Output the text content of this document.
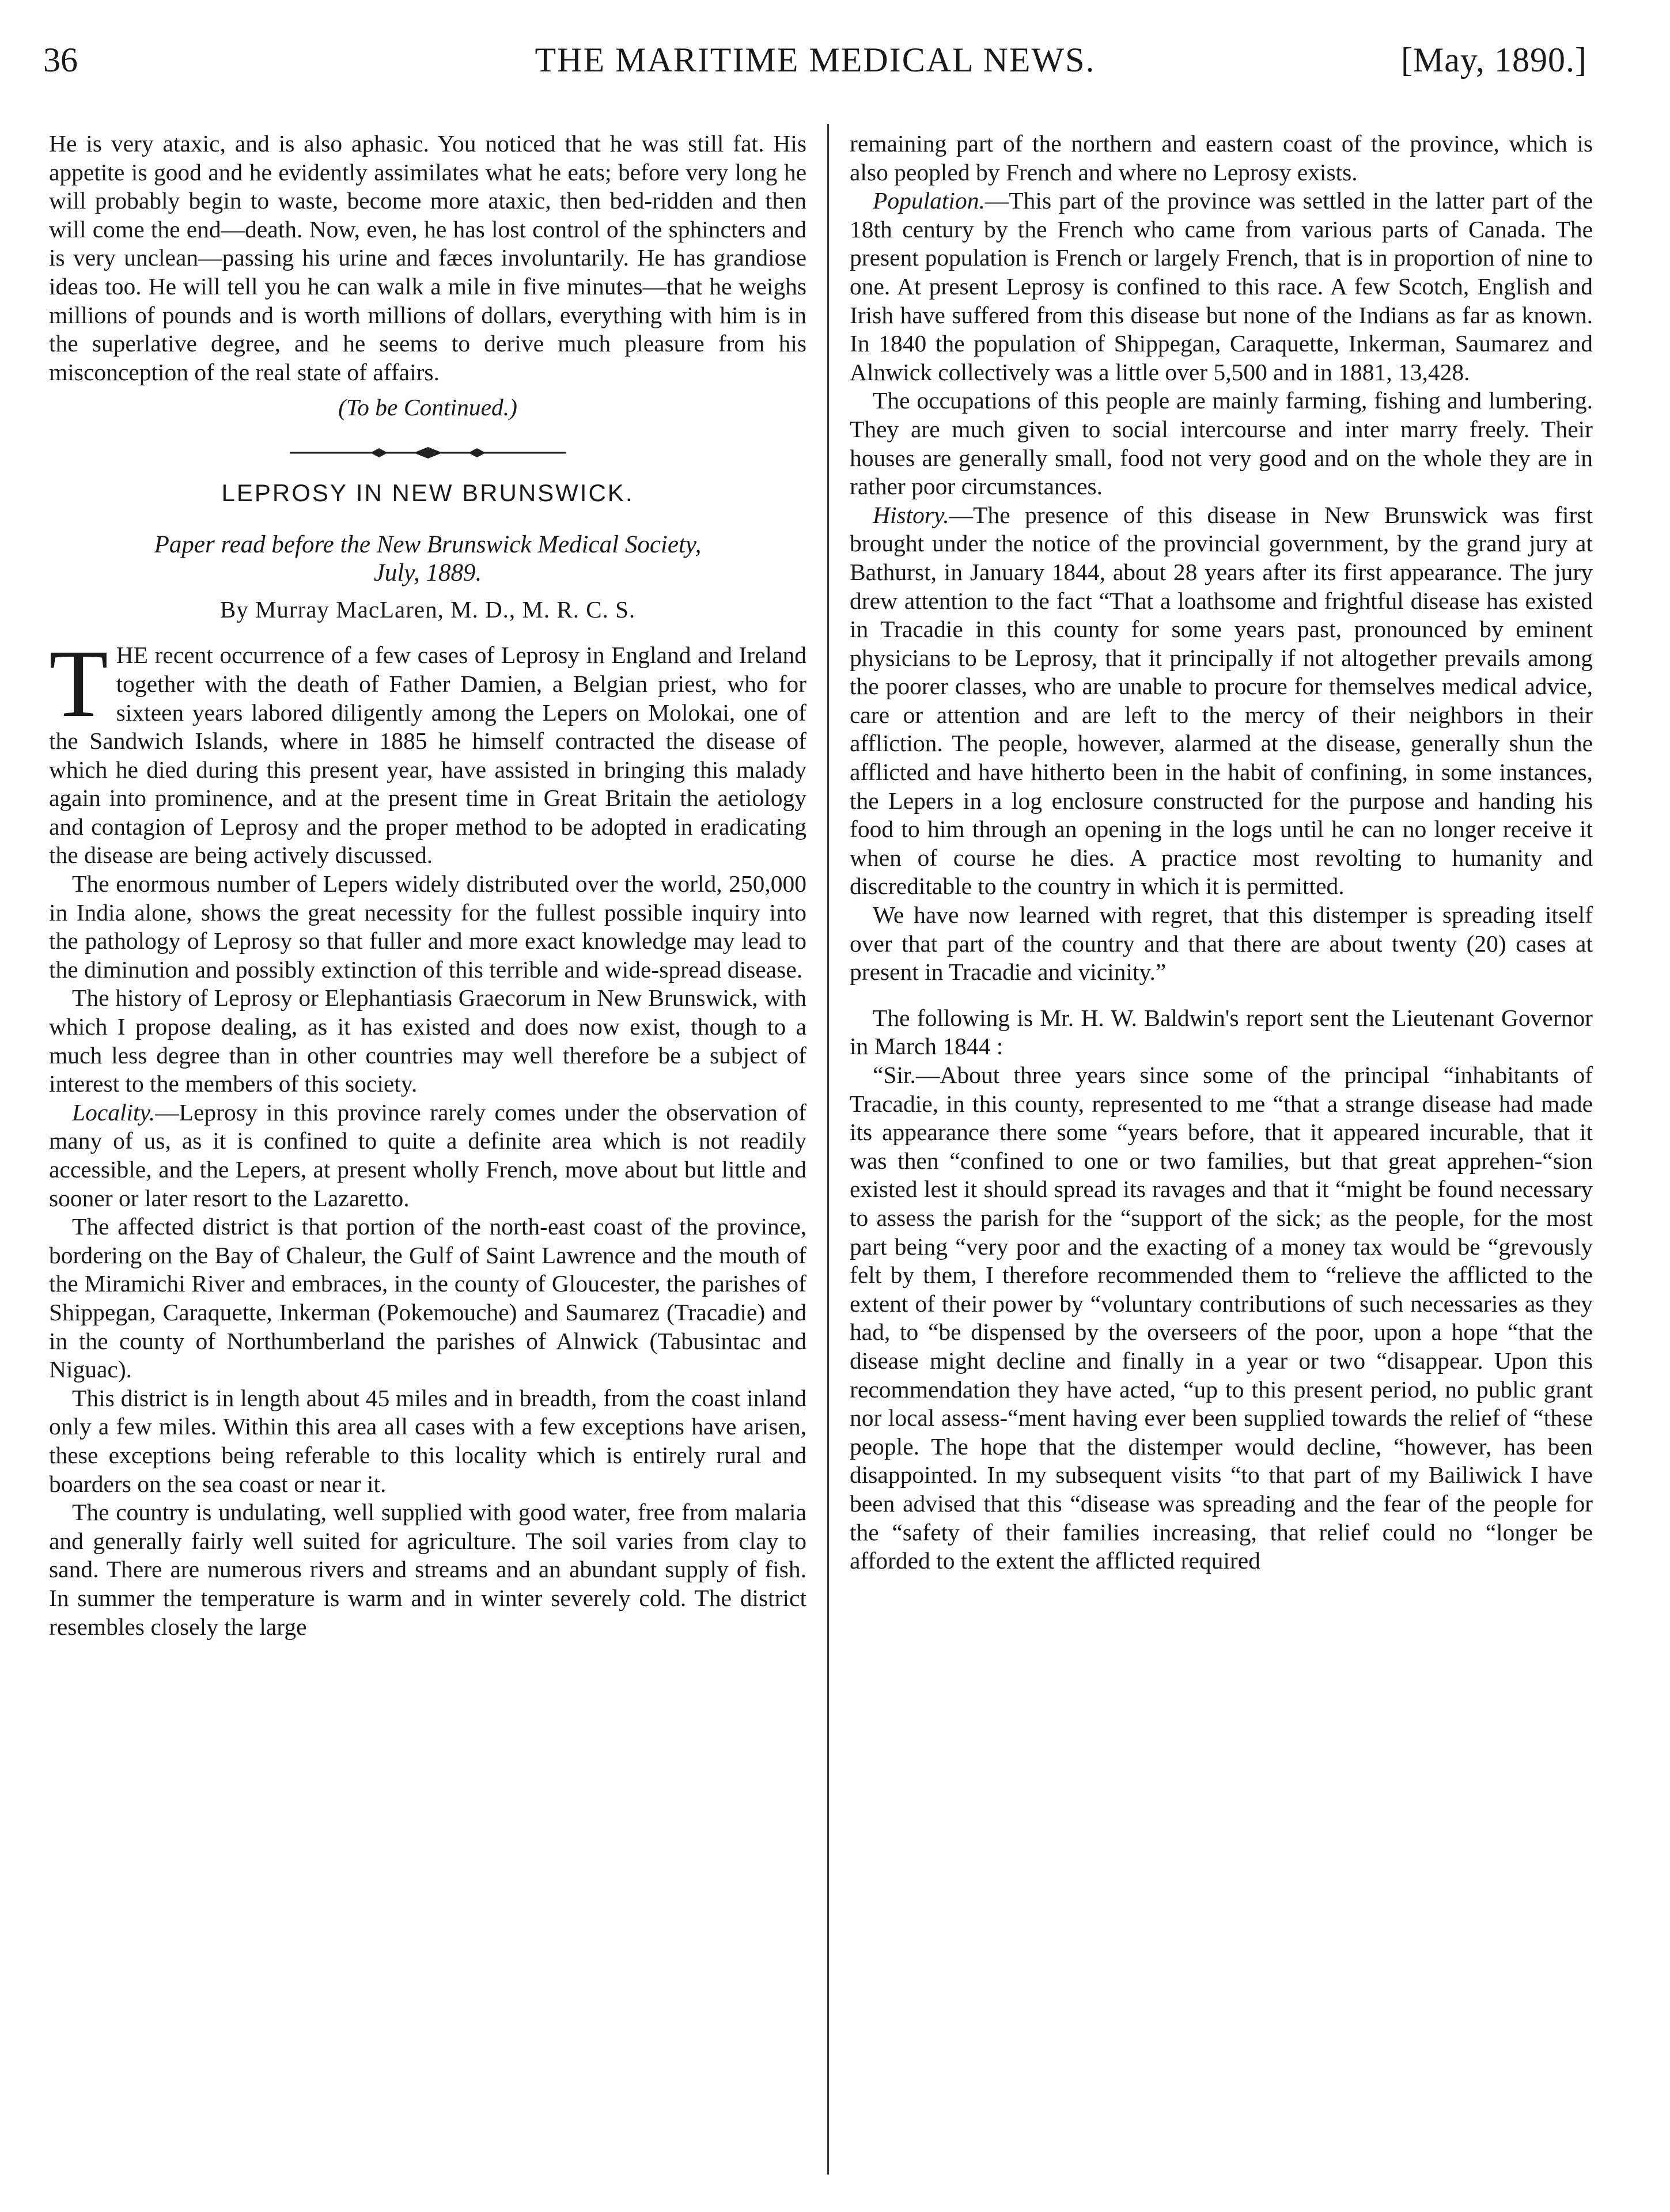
36	THE MARITIME MEDICAL NEWS.	[May, 1890.]

He is very ataxic, and is also aphasic. You noticed that he was still fat. His appetite is good and he evidently assimilates what he eats; before very long he will probably begin to waste, become more ataxic, then bed-ridden and then will come the end—death. Now, even, he has lost control of the sphincters and is very unclean—passing his urine and fæces involuntarily. He has grandiose ideas too. He will tell you he can walk a mile in five minutes—that he weighs millions of pounds and is worth millions of dollars, everything with him is in the superlative degree, and he seems to derive much pleasure from his misconception of the real state of affairs.

(To be Continued.)

LEPROSY IN NEW BRUNSWICK.

Paper read before the New Brunswick Medical Society,
July, 1889.

By Murray MacLaren, M. D., M. R. C. S.

THE recent occurrence of a few cases of Leprosy in England and Ireland together with the death of Father Damien, a Belgian priest, who for sixteen years labored diligently among the Lepers on Molokai, one of the Sandwich Islands, where in 1885 he himself contracted the disease of which he died during this present year, have assisted in bringing this malady again into prominence, and at the present time in Great Britain the aetiology and contagion of Leprosy and the proper method to be adopted in eradicating the disease are being actively discussed.

The enormous number of Lepers widely distributed over the world, 250,000 in India alone, shows the great necessity for the fullest possible inquiry into the pathology of Leprosy so that fuller and more exact knowledge may lead to the diminution and possibly extinction of this terrible and wide-spread disease.

The history of Leprosy or Elephantiasis Graecorum in New Brunswick, with which I propose dealing, as it has existed and does now exist, though to a much less degree than in other countries may well therefore be a subject of interest to the members of this society.

Locality.—Leprosy in this province rarely comes under the observation of many of us, as it is confined to quite a definite area which is not readily accessible, and the Lepers, at present wholly French, move about but little and sooner or later resort to the Lazaretto.

The affected district is that portion of the north-east coast of the province, bordering on the Bay of Chaleur, the Gulf of Saint Lawrence and the mouth of the Miramichi River and embraces, in the county of Gloucester, the parishes of Shippegan, Caraquette, Inkerman (Pokemouche) and Saumarez (Tracadie) and in the county of Northumberland the parishes of Alnwick (Tabusintac and Niguac).

This district is in length about 45 miles and in breadth, from the coast inland only a few miles. Within this area all cases with a few exceptions have arisen, these exceptions being referable to this locality which is entirely rural and boarders on the sea coast or near it.

The country is undulating, well supplied with good water, free from malaria and generally fairly well suited for agriculture. The soil varies from clay to sand. There are numerous rivers and streams and an abundant supply of fish. In summer the temperature is warm and in winter severely cold. The district resembles closely the large

remaining part of the northern and eastern coast of the province, which is also peopled by French and where no Leprosy exists.

Population.—This part of the province was settled in the latter part of the 18th century by the French who came from various parts of Canada. The present population is French or largely French, that is in proportion of nine to one. At present Leprosy is confined to this race. A few Scotch, English and Irish have suffered from this disease but none of the Indians as far as known. In 1840 the population of Shippegan, Caraquette, Inkerman, Saumarez and Alnwick collectively was a little over 5,500 and in 1881, 13,428.

The occupations of this people are mainly farming, fishing and lumbering. They are much given to social intercourse and inter marry freely. Their houses are generally small, food not very good and on the whole they are in rather poor circumstances.

History.—The presence of this disease in New Brunswick was first brought under the notice of the provincial government, by the grand jury at Bathurst, in January 1844, about 28 years after its first appearance. The jury drew attention to the fact “That a loathsome and frightful disease has existed in Tracadie in this county for some years past, pronounced by eminent physicians to be Leprosy, that it principally if not altogether prevails among the poorer classes, who are unable to procure for themselves medical advice, care or attention and are left to the mercy of their neighbors in their affliction. The people, however, alarmed at the disease, generally shun the afflicted and have hitherto been in the habit of confining, in some instances, the Lepers in a log enclosure constructed for the purpose and handing his food to him through an opening in the logs until he can no longer receive it when of course he dies. A practice most revolting to humanity and discreditable to the country in which it is permitted.

We have now learned with regret, that this distemper is spreading itself over that part of the country and that there are about twenty (20) cases at present in Tracadie and vicinity.”

The following is Mr. H. W. Baldwin's report sent the Lieutenant Governor in March 1844 :

“Sir.—About three years since some of the principal “inhabitants of Tracadie, in this county, represented to me “that a strange disease had made its appearance there some “years before, that it appeared incurable, that it was then “confined to one or two families, but that great apprehen-“sion existed lest it should spread its ravages and that it “might be found necessary to assess the parish for the “support of the sick; as the people, for the most part being “very poor and the exacting of a money tax would be “grevously felt by them, I therefore recommended them to “relieve the afflicted to the extent of their power by “voluntary contributions of such necessaries as they had, to “be dispensed by the overseers of the poor, upon a hope “that the disease might decline and finally in a year or two “disappear. Upon this recommendation they have acted, “up to this present period, no public grant nor local assess-“ment having ever been supplied towards the relief of “these people. The hope that the distemper would decline, “however, has been disappointed. In my subsequent visits “to that part of my Bailiwick I have been advised that this “disease was spreading and the fear of the people for the “safety of their families increasing, that relief could no “longer be afforded to the extent the afflicted required
